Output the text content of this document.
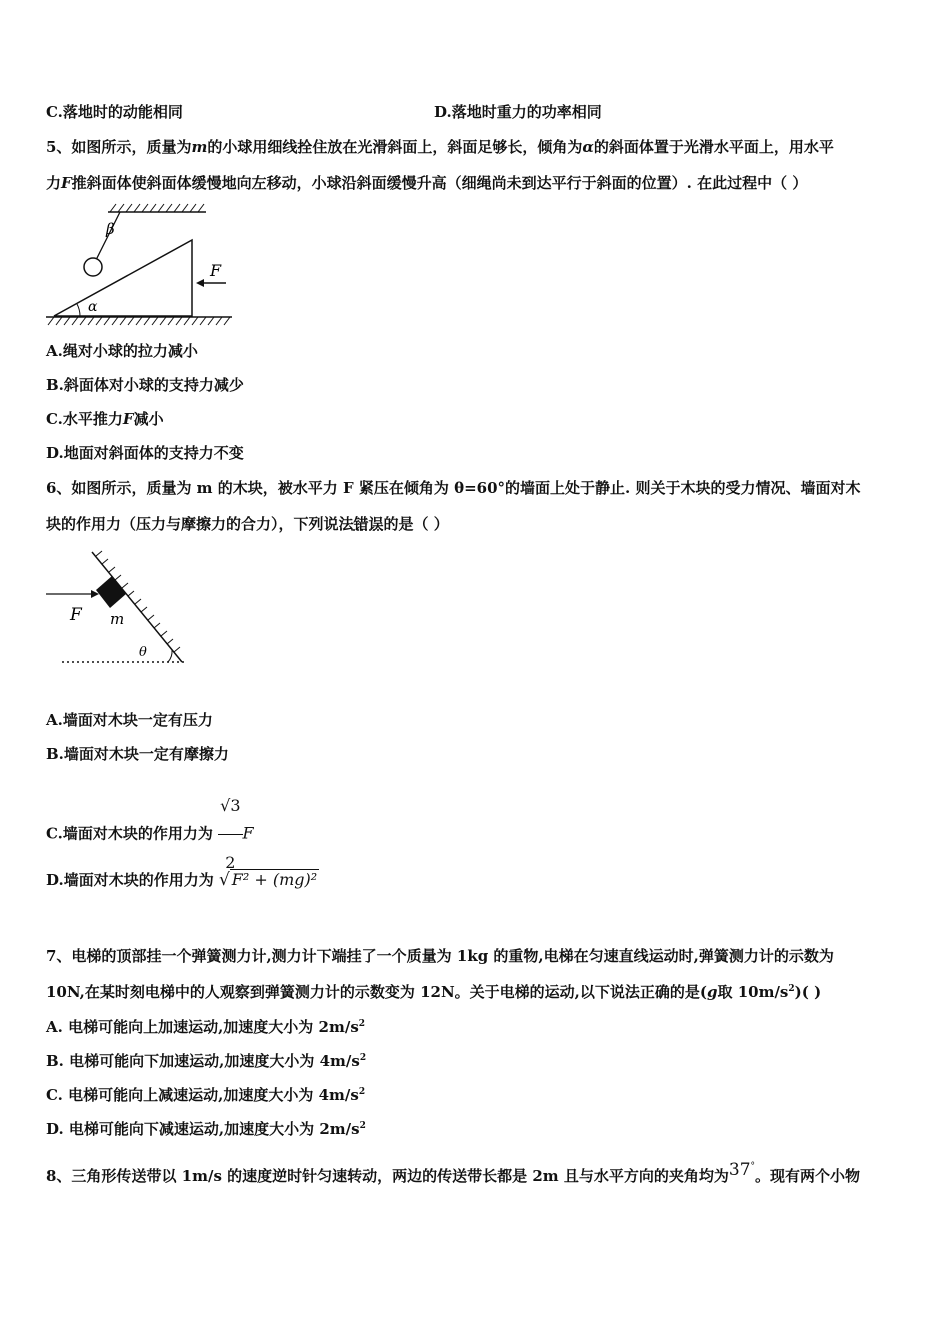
C.落地时的动能相同	D.落地时重力的功率相同
5、如图所示，质量为m的小球用细线拴住放在光滑斜面上，斜面足够长，倾角为α的斜面体置于光滑水平面上，用水平
力F推斜面体使斜面体缓慢地向左移动，小球沿斜面缓慢升高（细绳尚未到达平行于斜面的位置）. 在此过程中（ ）
β
α
F
A.绳对小球的拉力减小
B.斜面体对小球的支持力减少
C.水平推力F减小
D.地面对斜面体的支持力不变
6、如图所示，质量为 m 的木块，被水平力 F 紧压在倾角为 θ=60°的墙面上处于静止. 则关于木块的受力情况、墙面对木
块的作用力（压力与摩擦力的合力），下列说法错误的是（ ）
F m
θ
A.墙面对木块一定有压力
B.墙面对木块一定有摩擦力
C.墙面对木块的作用力为 $\frac{√3}{2}$ F
D.墙面对木块的作用力为 √ F² + (mg)²
7、电梯的顶部挂一个弹簧测力计,测力计下端挂了一个质量为 1kg 的重物,电梯在匀速直线运动时,弹簧测力计的示数为
10N,在某时刻电梯中的人观察到弹簧测力计的示数变为 12N。关于电梯的运动,以下说法正确的是(g取 $10m/s^2$)( )
A. 电梯可能向上加速运动,加速度大小为 $2m/s^2$
B. 电梯可能向下加速运动,加速度大小为 $4m/s^2$
C. 电梯可能向上减速运动,加速度大小为 $4m/s^2$
D. 电梯可能向下减速运动,加速度大小为 $2m/s^2$
8、三角形传送带以 1m/s 的速度逆时针匀速转动，两边的传送带长都是 2m 且与水平方向的夹角均为37°。现有两个小物
